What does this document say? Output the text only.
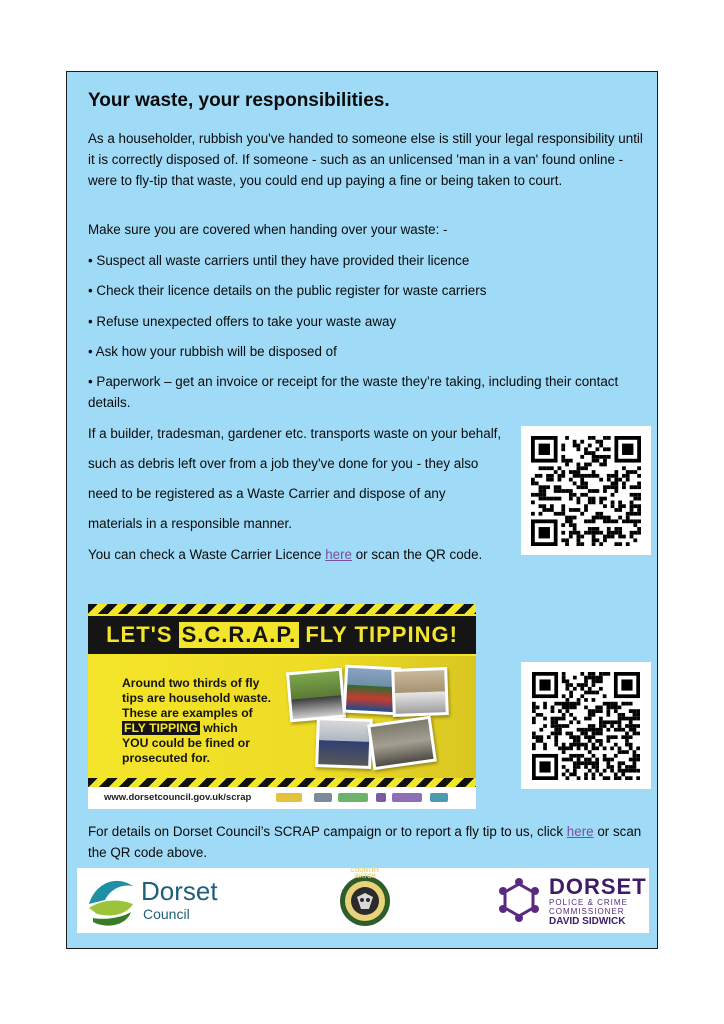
Your waste, your responsibilities.

As a householder, rubbish you've handed to someone else is still your legal responsibility until it is correctly disposed of. If someone - such as an unlicensed 'man in a van' found online - were to fly-tip that waste, you could end up paying a fine or being taken to court.

Make sure you are covered when handing over your waste: -

• Suspect all waste carriers until they have provided their licence

• Check their licence details on the public register for waste carriers

• Refuse unexpected offers to take your waste away

• Ask how your rubbish will be disposed of

• Paperwork – get an invoice or receipt for the waste they’re taking, including their contact details.

If a builder, tradesman, gardener etc. transports waste on your behalf,

such as debris left over from a job they've done for you - they also

need to be registered as a Waste Carrier and dispose of any

materials in a responsible manner.

You can check a Waste Carrier Licence here or scan the QR code.

LET'S S.C.R.A.P. FLY TIPPING!
Around two thirds of fly
tips are household waste.
These are examples of
FLY TIPPING which
YOU could be fined or
prosecuted for.
www.dorsetcouncil.gov.uk/scrap

For details on Dorset Council’s SCRAP campaign or to report a fly tip to us, click here or scan the QR code above.

Dorset
Council
COUNTRY WATCH	DORSET
POLICE & CRIME
COMMISSIONER
DAVID SIDWICK
